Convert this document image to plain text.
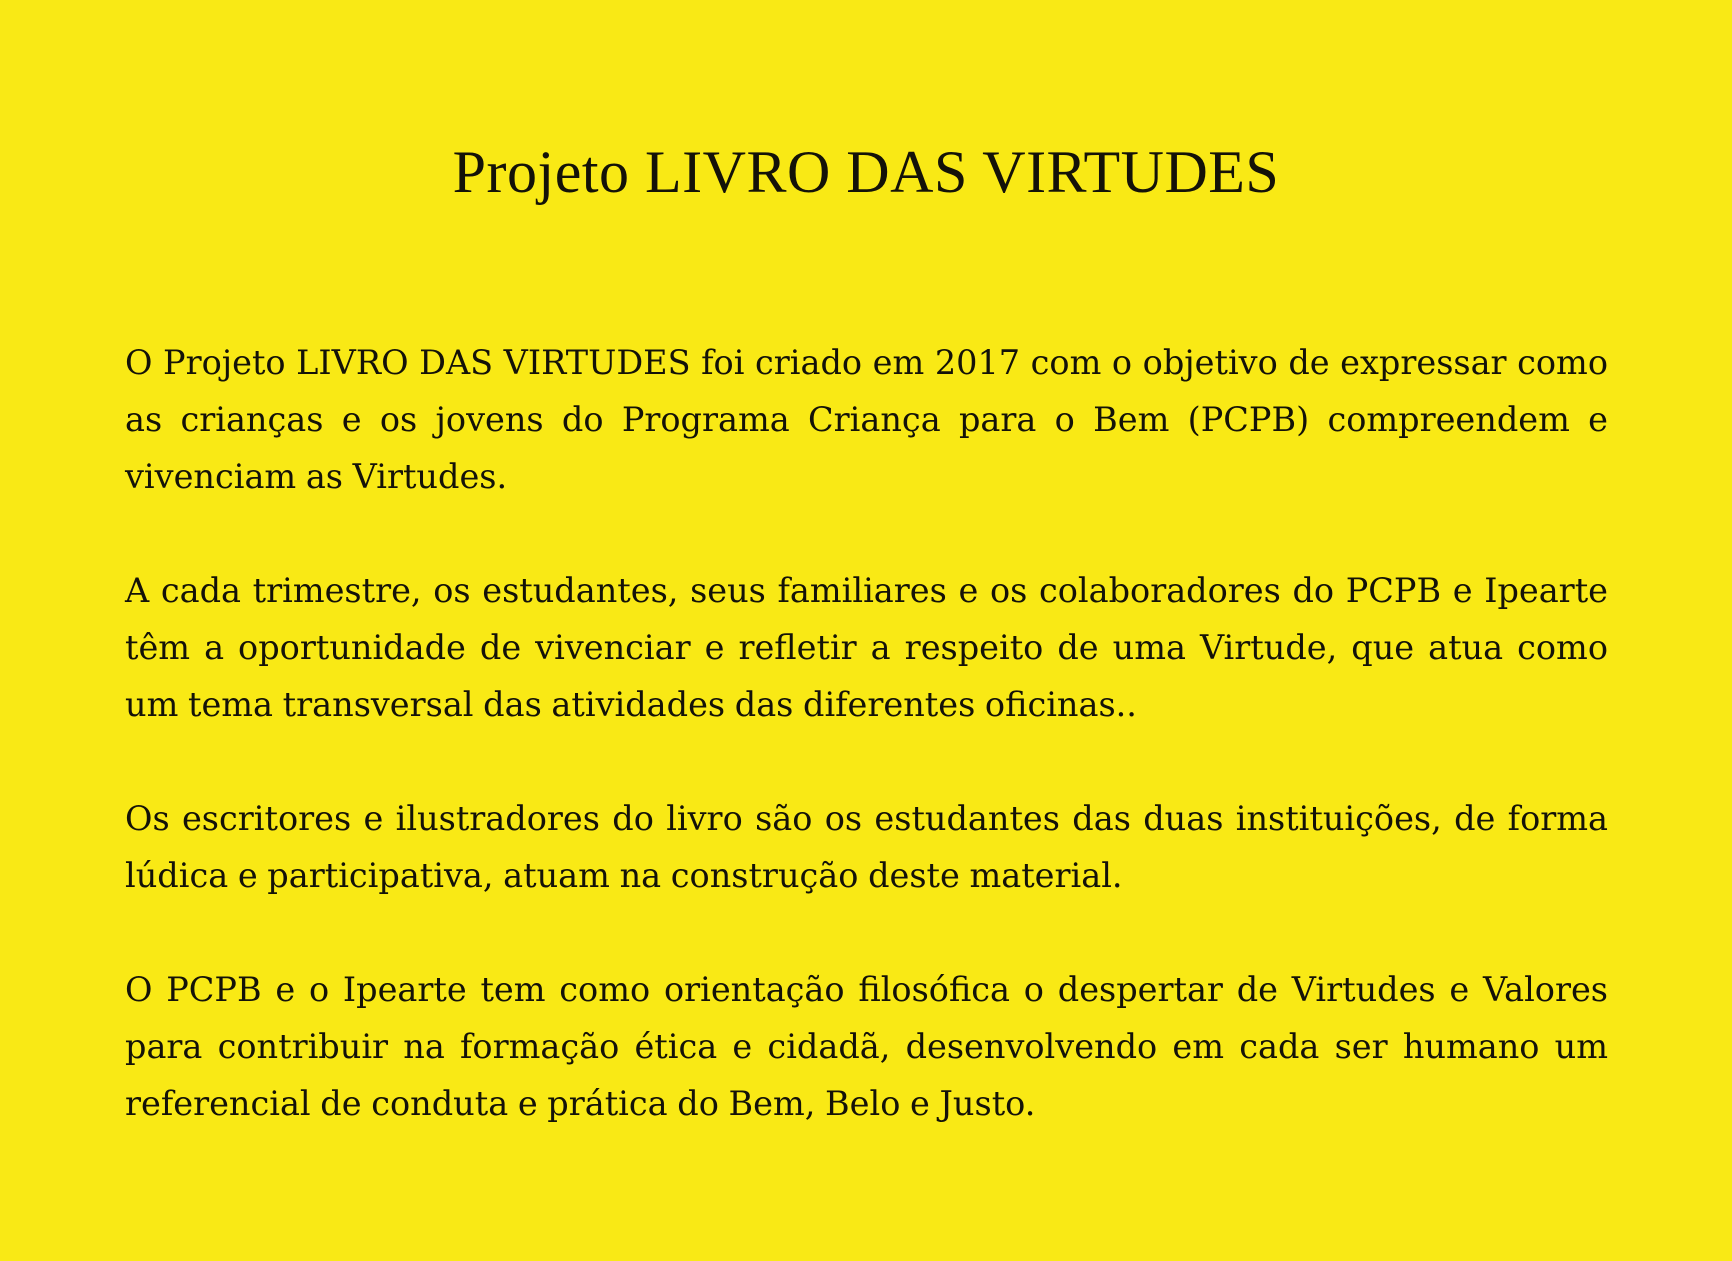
Projeto LIVRO DAS VIRTUDES

O Projeto LIVRO DAS VIRTUDES foi criado em 2017 com o objetivo de expressar como as crianças e os jovens do Programa Criança para o Bem (PCPB) compreendem e vivenciam as Virtudes.

A cada trimestre, os estudantes, seus familiares e os colaboradores do PCPB e Ipearte têm a oportunidade de vivenciar e refletir a respeito de uma Virtude, que atua como um tema transversal das atividades das diferentes oficinas..

Os escritores e ilustradores do livro são os estudantes das duas instituições, de forma lúdica e participativa, atuam na construção deste material.

O PCPB e o Ipearte tem como orientação filosófica o despertar de Virtudes e Valores para contribuir na formação ética e cidadã, desenvolvendo em cada ser humano um referencial de conduta e prática do Bem, Belo e Justo.
